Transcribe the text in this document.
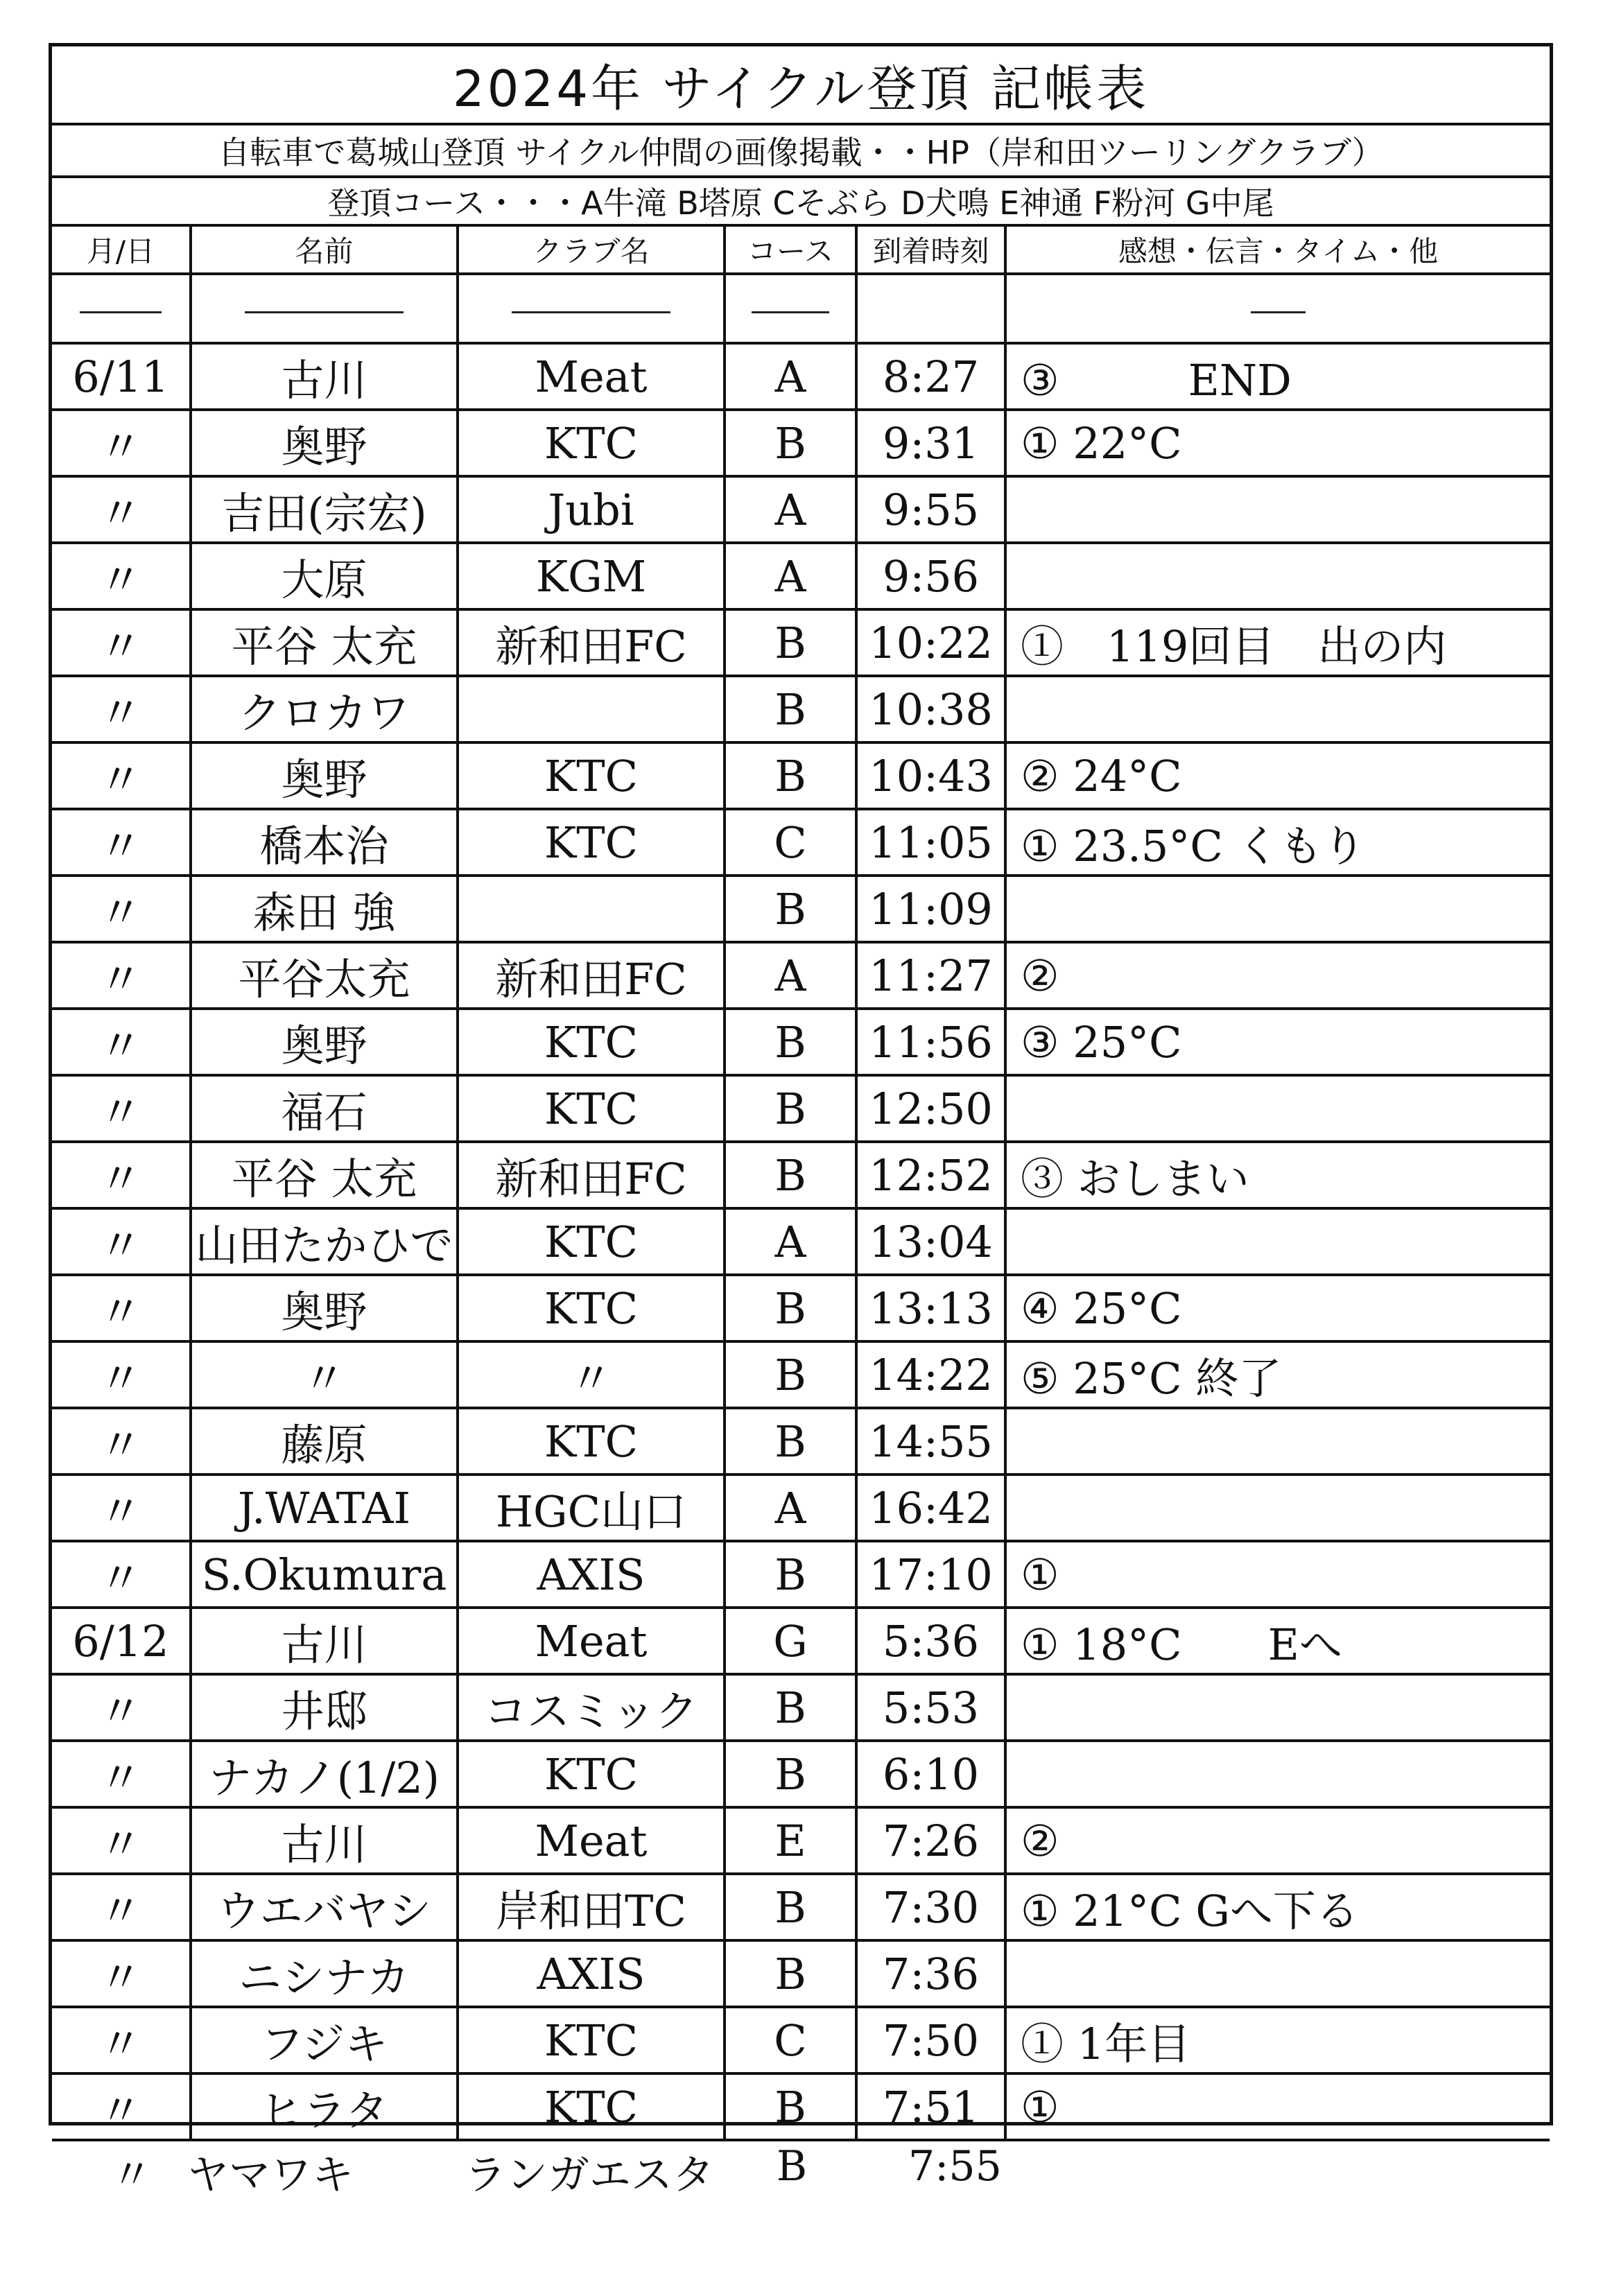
2024年 サイクル登頂 記帳表
自転車で葛城山登頂 サイクル仲間の画像掲載・・HP（岸和田ツーリングクラブ）
登頂コース・・・A牛滝 B塔原 Cそぶら D犬鳴 E神通 F粉河 G中尾
月/日	名前	クラブ名	コース	到着時刻	感想・伝言・タイム・他

6/11	古川	Meat	A	8:27	③　　　END
〃	奥野	KTC	B	9:31	① 22°C
〃	吉田(宗宏)	Jubi	A	9:55	
〃	大原	KGM	A	9:56	
〃	平谷 太充	新和田FC	B	10:22	①　119回目　出の内
〃	クロカワ		B	10:38	
〃	奥野	KTC	B	10:43	② 24°C
〃	橋本治	KTC	C	11:05	① 23.5°C くもり
〃	森田 強		B	11:09	
〃	平谷太充	新和田FC	A	11:27	②
〃	奥野	KTC	B	11:56	③ 25°C
〃	福石	KTC	B	12:50	
〃	平谷 太充	新和田FC	B	12:52	③ おしまい
〃	山田たかひで	KTC	A	13:04	
〃	奥野	KTC	B	13:13	④ 25°C
〃	〃	〃	B	14:22	⑤ 25°C 終了
〃	藤原	KTC	B	14:55	
〃	J.WATAI	HGC山口	A	16:42	
〃	S.Okumura	AXIS	B	17:10	①
6/12	古川	Meat	G	5:36	① 18°C　　Eへ
〃	井邸	コスミック	B	5:53	
〃	ナカノ(1/2)	KTC	B	6:10	
〃	古川	Meat	E	7:26	②
〃	ウエバヤシ	岸和田TC	B	7:30	① 21°C Gへ下る
〃	ニシナカ	AXIS	B	7:36	
〃	フジキ	KTC	C	7:50	① 1年目
〃	ヒラタ	KTC	B	7:51	①
〃 ヤマワキ	ランガエスタ B 7:55
